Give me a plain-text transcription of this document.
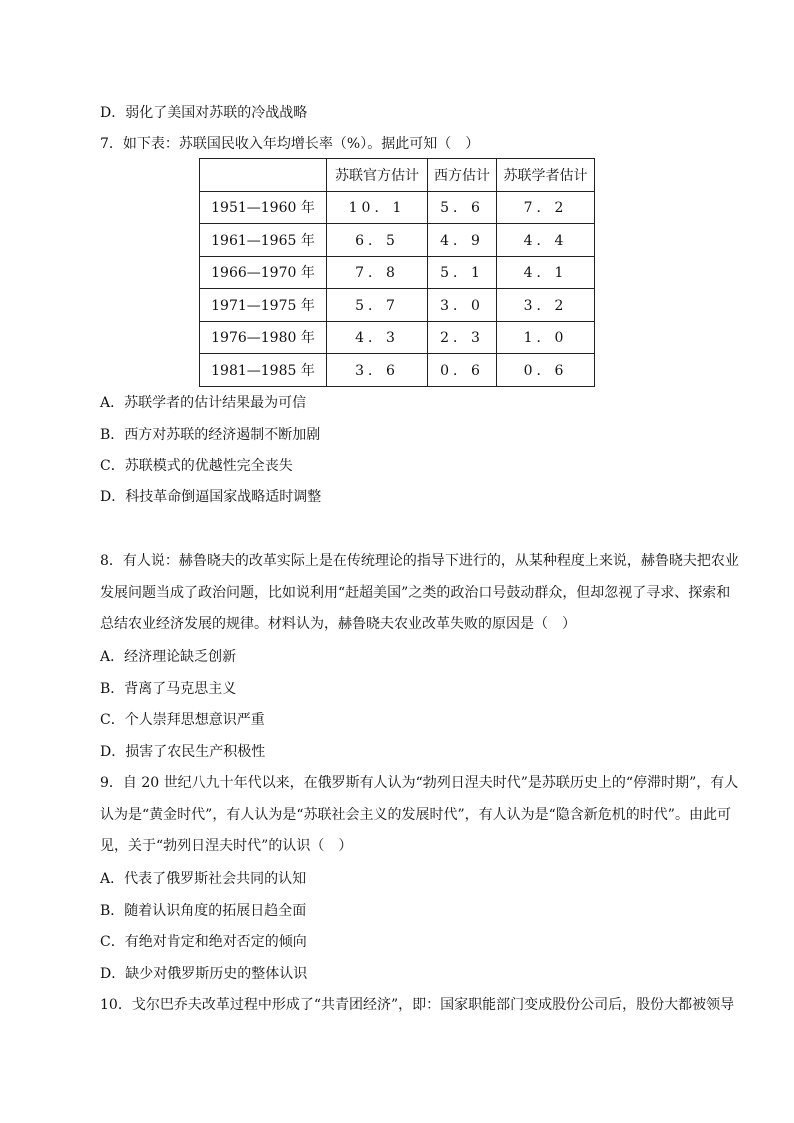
D．弱化了美国对苏联的冷战战略
7．如下表：苏联国民收入年均增长率（%）。据此可知（　）
	苏联官方估计	西方估计	苏联学者估计
1951—1960 年	10．1	5．6	7．2
1961—1965 年	6．5	4．9	4．4
1966—1970 年	7．8	5．1	4．1
1971—1975 年	5．7	3．0	3．2
1976—1980 年	4．3	2．3	1．0
1981—1985 年	3．6	0．6	0．6
A．苏联学者的估计结果最为可信
B．西方对苏联的经济遏制不断加剧
C．苏联模式的优越性完全丧失
D．科技革命倒逼国家战略适时调整
8．有人说：赫鲁晓夫的改革实际上是在传统理论的指导下进行的，从某种程度上来说，赫鲁晓夫把农业发展问题当成了政治问题，比如说利用“赶超美国”之类的政治口号鼓动群众，但却忽视了寻求、探索和总结农业经济发展的规律。材料认为，赫鲁晓夫农业改革失败的原因是（　）
A．经济理论缺乏创新
B．背离了马克思主义
C．个人崇拜思想意识严重
D．损害了农民生产积极性
9．自 20 世纪八九十年代以来，在俄罗斯有人认为“勃列日涅夫时代”是苏联历史上的“停滞时期”，有人认为是“黄金时代”，有人认为是“苏联社会主义的发展时代”，有人认为是“隐含新危机的时代”。由此可见，关于“勃列日涅夫时代”的认识（　）
A．代表了俄罗斯社会共同的认知
B．随着认识角度的拓展日趋全面
C．有绝对肯定和绝对否定的倾向
D．缺少对俄罗斯历史的整体认识
10．戈尔巴乔夫改革过程中形成了“共青团经济”，即：国家职能部门变成股份公司后，股份大都被领导
